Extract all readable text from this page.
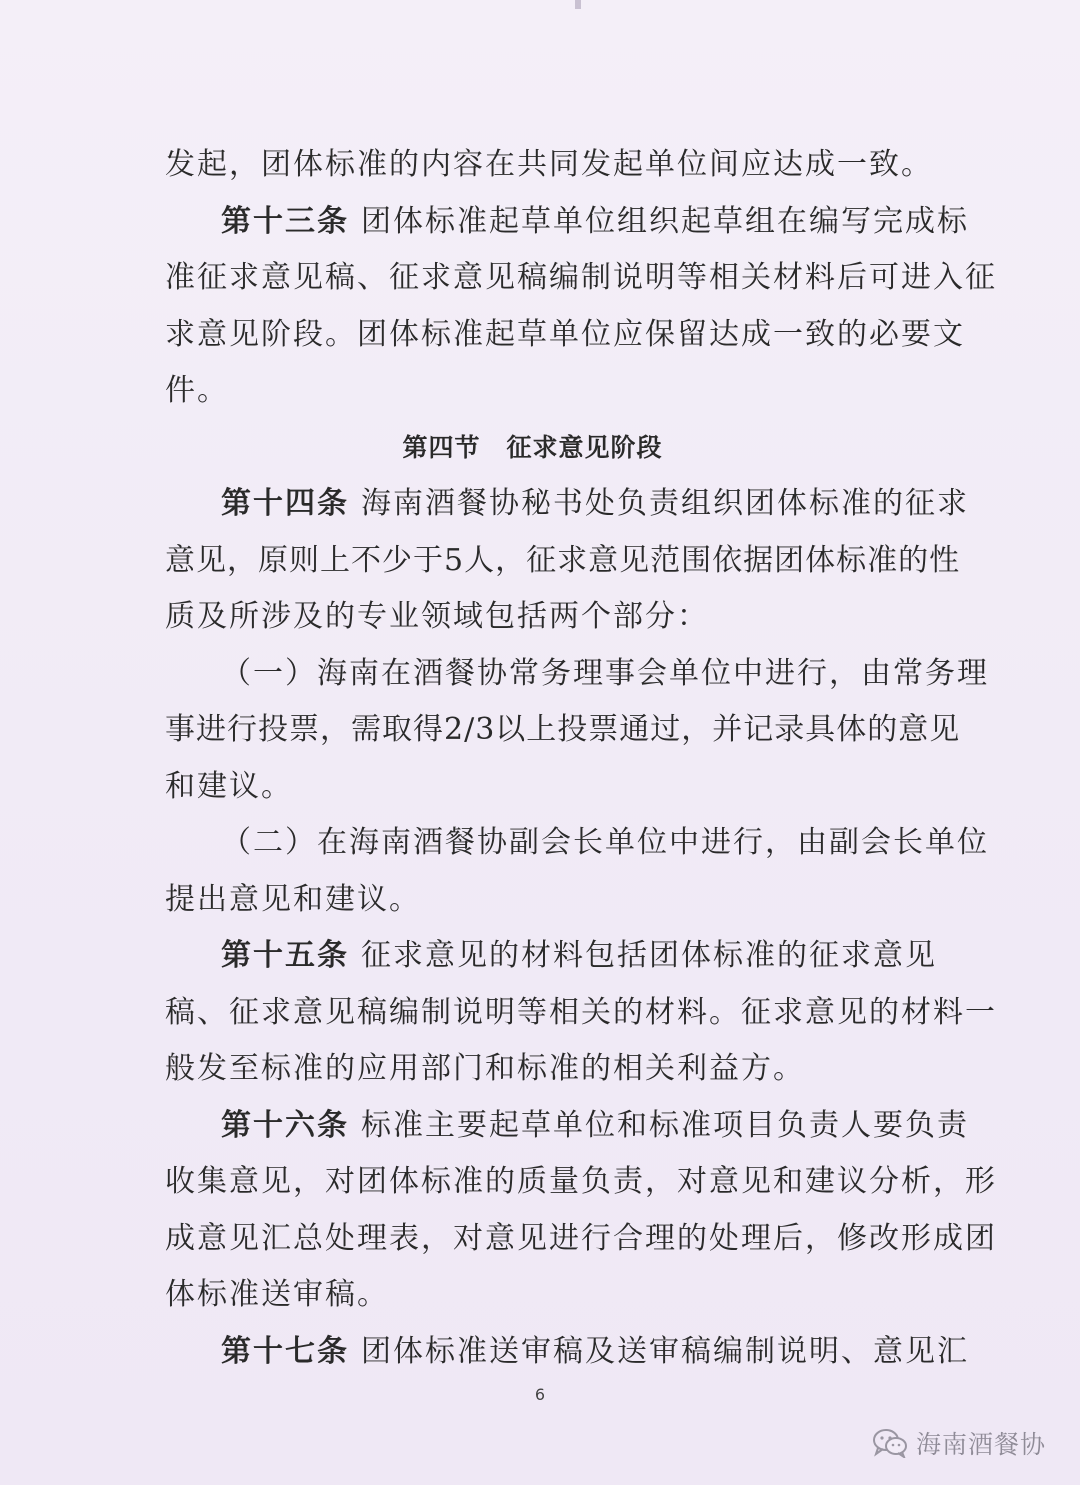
发起，团体标准的内容在共同发起单位间应达成一致。
第十三条 团体标准起草单位组织起草组在编写完成标
准征求意见稿、征求意见稿编制说明等相关材料后可进入征
求意见阶段。团体标准起草单位应保留达成一致的必要文
件。
第四节　征求意见阶段
第十四条 海南酒餐协秘书处负责组织团体标准的征求
意见，原则上不少于5人，征求意见范围依据团体标准的性
质及所涉及的专业领域包括两个部分：
（一）海南在酒餐协常务理事会单位中进行，由常务理
事进行投票，需取得2/3以上投票通过，并记录具体的意见
和建议。
（二）在海南酒餐协副会长单位中进行，由副会长单位
提出意见和建议。
第十五条 征求意见的材料包括团体标准的征求意见
稿、征求意见稿编制说明等相关的材料。征求意见的材料一
般发至标准的应用部门和标准的相关利益方。
第十六条 标准主要起草单位和标准项目负责人要负责
收集意见，对团体标准的质量负责，对意见和建议分析，形
成意见汇总处理表，对意见进行合理的处理后，修改形成团
体标准送审稿。
第十七条 团体标准送审稿及送审稿编制说明、意见汇
6
海南酒餐协
